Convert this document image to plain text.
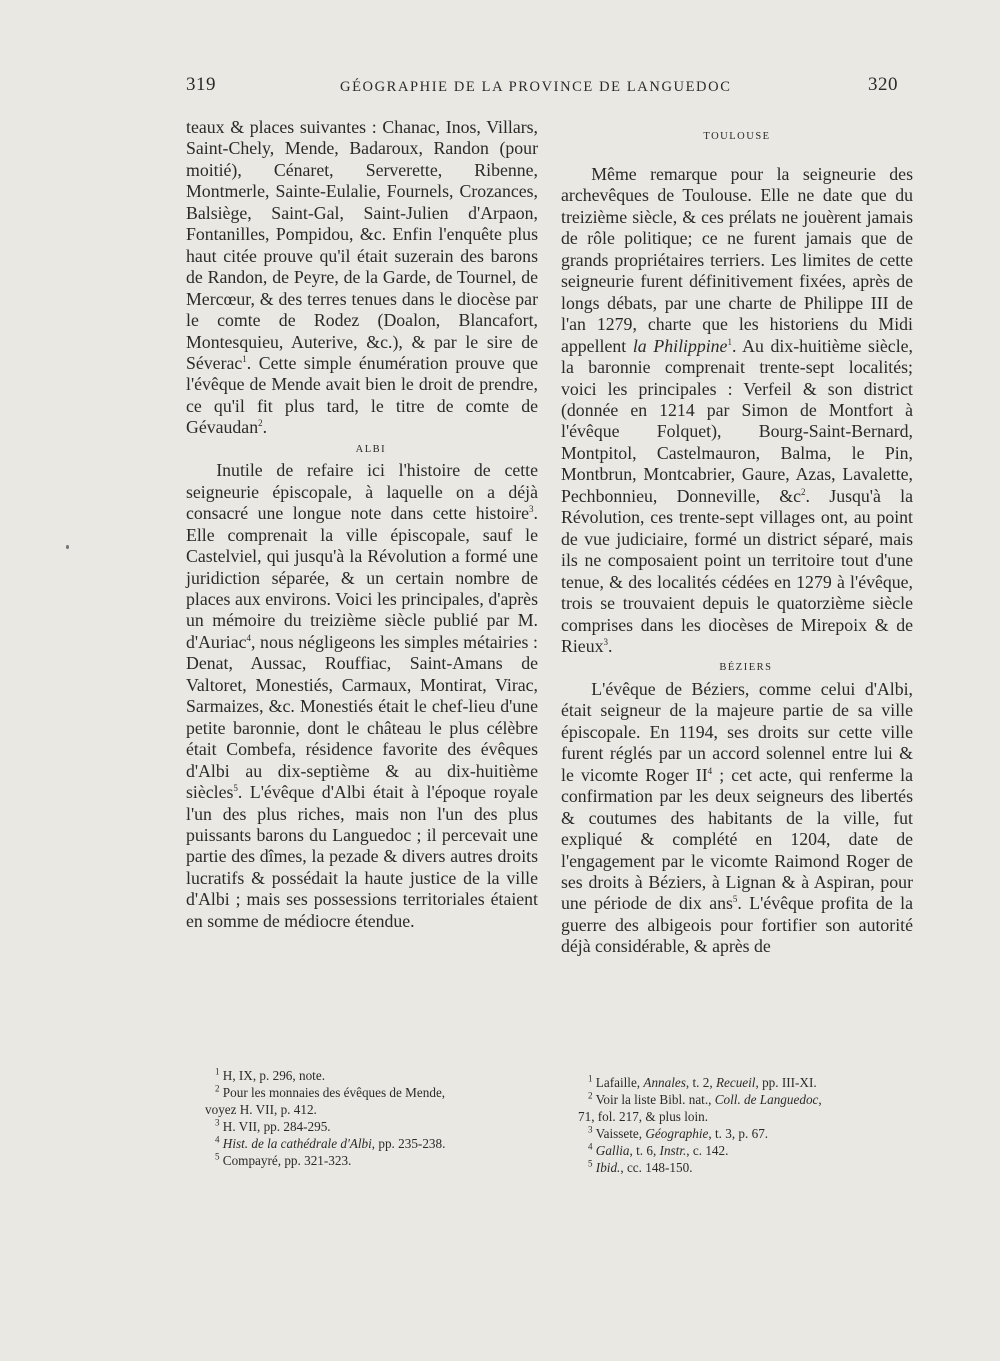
319	GÉOGRAPHIE DE LA PROVINCE DE LANGUEDOC	320

teaux & places suivantes : Chanac, Inos, Villars, Saint-Chely, Mende, Badaroux, Randon (pour moitié), Cénaret, Serverette, Ribenne, Montmerle, Sainte-Eulalie, Fournels, Crozances, Balsiège, Saint-Gal, Saint-Julien d'Arpaon, Fontanilles, Pompidou, &c. Enfin l'enquête plus haut citée prouve qu'il était suzerain des barons de Randon, de Peyre, de la Garde, de Tournel, de Mercœur, & des terres tenues dans le diocèse par le comte de Rodez (Doalon, Blancafort, Montesquieu, Auterive, &c.), & par le sire de Séverac$^1$. Cette simple énumération prouve que l'évêque de Mende avait bien le droit de prendre, ce qu'il fit plus tard, le titre de comte de Gévaudan$^2$.

ALBI

Inutile de refaire ici l'histoire de cette seigneurie épiscopale, à laquelle on a déjà consacré une longue note dans cette histoire$^3$. Elle comprenait la ville épiscopale, sauf le Castelviel, qui jusqu'à la Révolution a formé une juridiction séparée, & un certain nombre de places aux environs. Voici les principales, d'après un mémoire du treizième siècle publié par M. d'Auriac$^4$, nous négligeons les simples métairies : Denat, Aussac, Rouffiac, Saint-Amans de Valtoret, Monestiés, Carmaux, Montirat, Virac, Sarmaizes, &c. Monestiés était le chef-lieu d'une petite baronnie, dont le château le plus célèbre était Combefa, résidence favorite des évêques d'Albi au dix-septième & au dix-huitième siècles$^5$. L'évêque d'Albi était à l'époque royale l'un des plus riches, mais non l'un des plus puissants barons du Languedoc ; il percevait une partie des dîmes, la pezade & divers autres droits lucratifs & possédait la haute justice de la ville d'Albi ; mais ses possessions territoriales étaient en somme de médiocre étendue.

TOULOUSE

Même remarque pour la seigneurie des archevêques de Toulouse. Elle ne date que du treizième siècle, & ces prélats ne jouèrent jamais de rôle politique; ce ne furent jamais que de grands propriétaires terriers. Les limites de cette seigneurie furent définitivement fixées, après de longs débats, par une charte de Philippe III de l'an 1279, charte que les historiens du Midi appellent la Philippine$^1$. Au dix-huitième siècle, la baronnie comprenait trente-sept localités; voici les principales : Verfeil & son district (donnée en 1214 par Simon de Montfort à l'évêque Folquet), Bourg-Saint-Bernard, Montpitol, Castelmauron, Balma, le Pin, Montbrun, Montcabrier, Gaure, Azas, Lavalette, Pechbonnieu, Donneville, $\&c^2$. Jusqu'à la Révolution, ces trente-sept villages ont, au point de vue judiciaire, formé un district séparé, mais ils ne composaient point un territoire tout d'une tenue, & des localités cédées en 1279 à l'évêque, trois se trouvaient depuis le quatorzième siècle comprises dans les diocèses de Mirepoix & de Rieux$^3$.

BÉZIERS

L'évêque de Béziers, comme celui d'Albi, était seigneur de la majeure partie de sa ville épiscopale. En 1194, ses droits sur cette ville furent réglés par un accord solennel entre lui & le vicomte Roger $II^4$ ; cet acte, qui renferme la confirmation par les deux seigneurs des libertés & coutumes des habitants de la ville, fut expliqué & complété en 1204, date de l'engagement par le vicomte Raimond Roger de ses droits à Béziers, à Lignan & à Aspiran, pour une période de dix ans$^5$. L'évêque profita de la guerre des albigeois pour fortifier son autorité déjà considérable, & après de

$^1$ H, IX, p. 296, note.
$^2$ Pour les monnaies des évêques de Mende,
voyez H. VII, p. 412.
$^3$ H. VII, pp. 284-295.
$^4$ Hist. de la cathédrale d'Albi, pp. 235-238.
$^5$ Compayré, pp. 321-323.
$^1$ Lafaille, Annales, t. 2, Recueil, pp. III-XI.
$^2$ Voir la liste Bibl. nat., Coll. de Languedoc,
71, fol. 217, & plus loin.
$^3$ Vaissete, Géographie, t. 3, p. 67.
$^4$ Gallia, t. 6, Instr., c. 142.
$^5$ Ibid., cc. 148-150.
